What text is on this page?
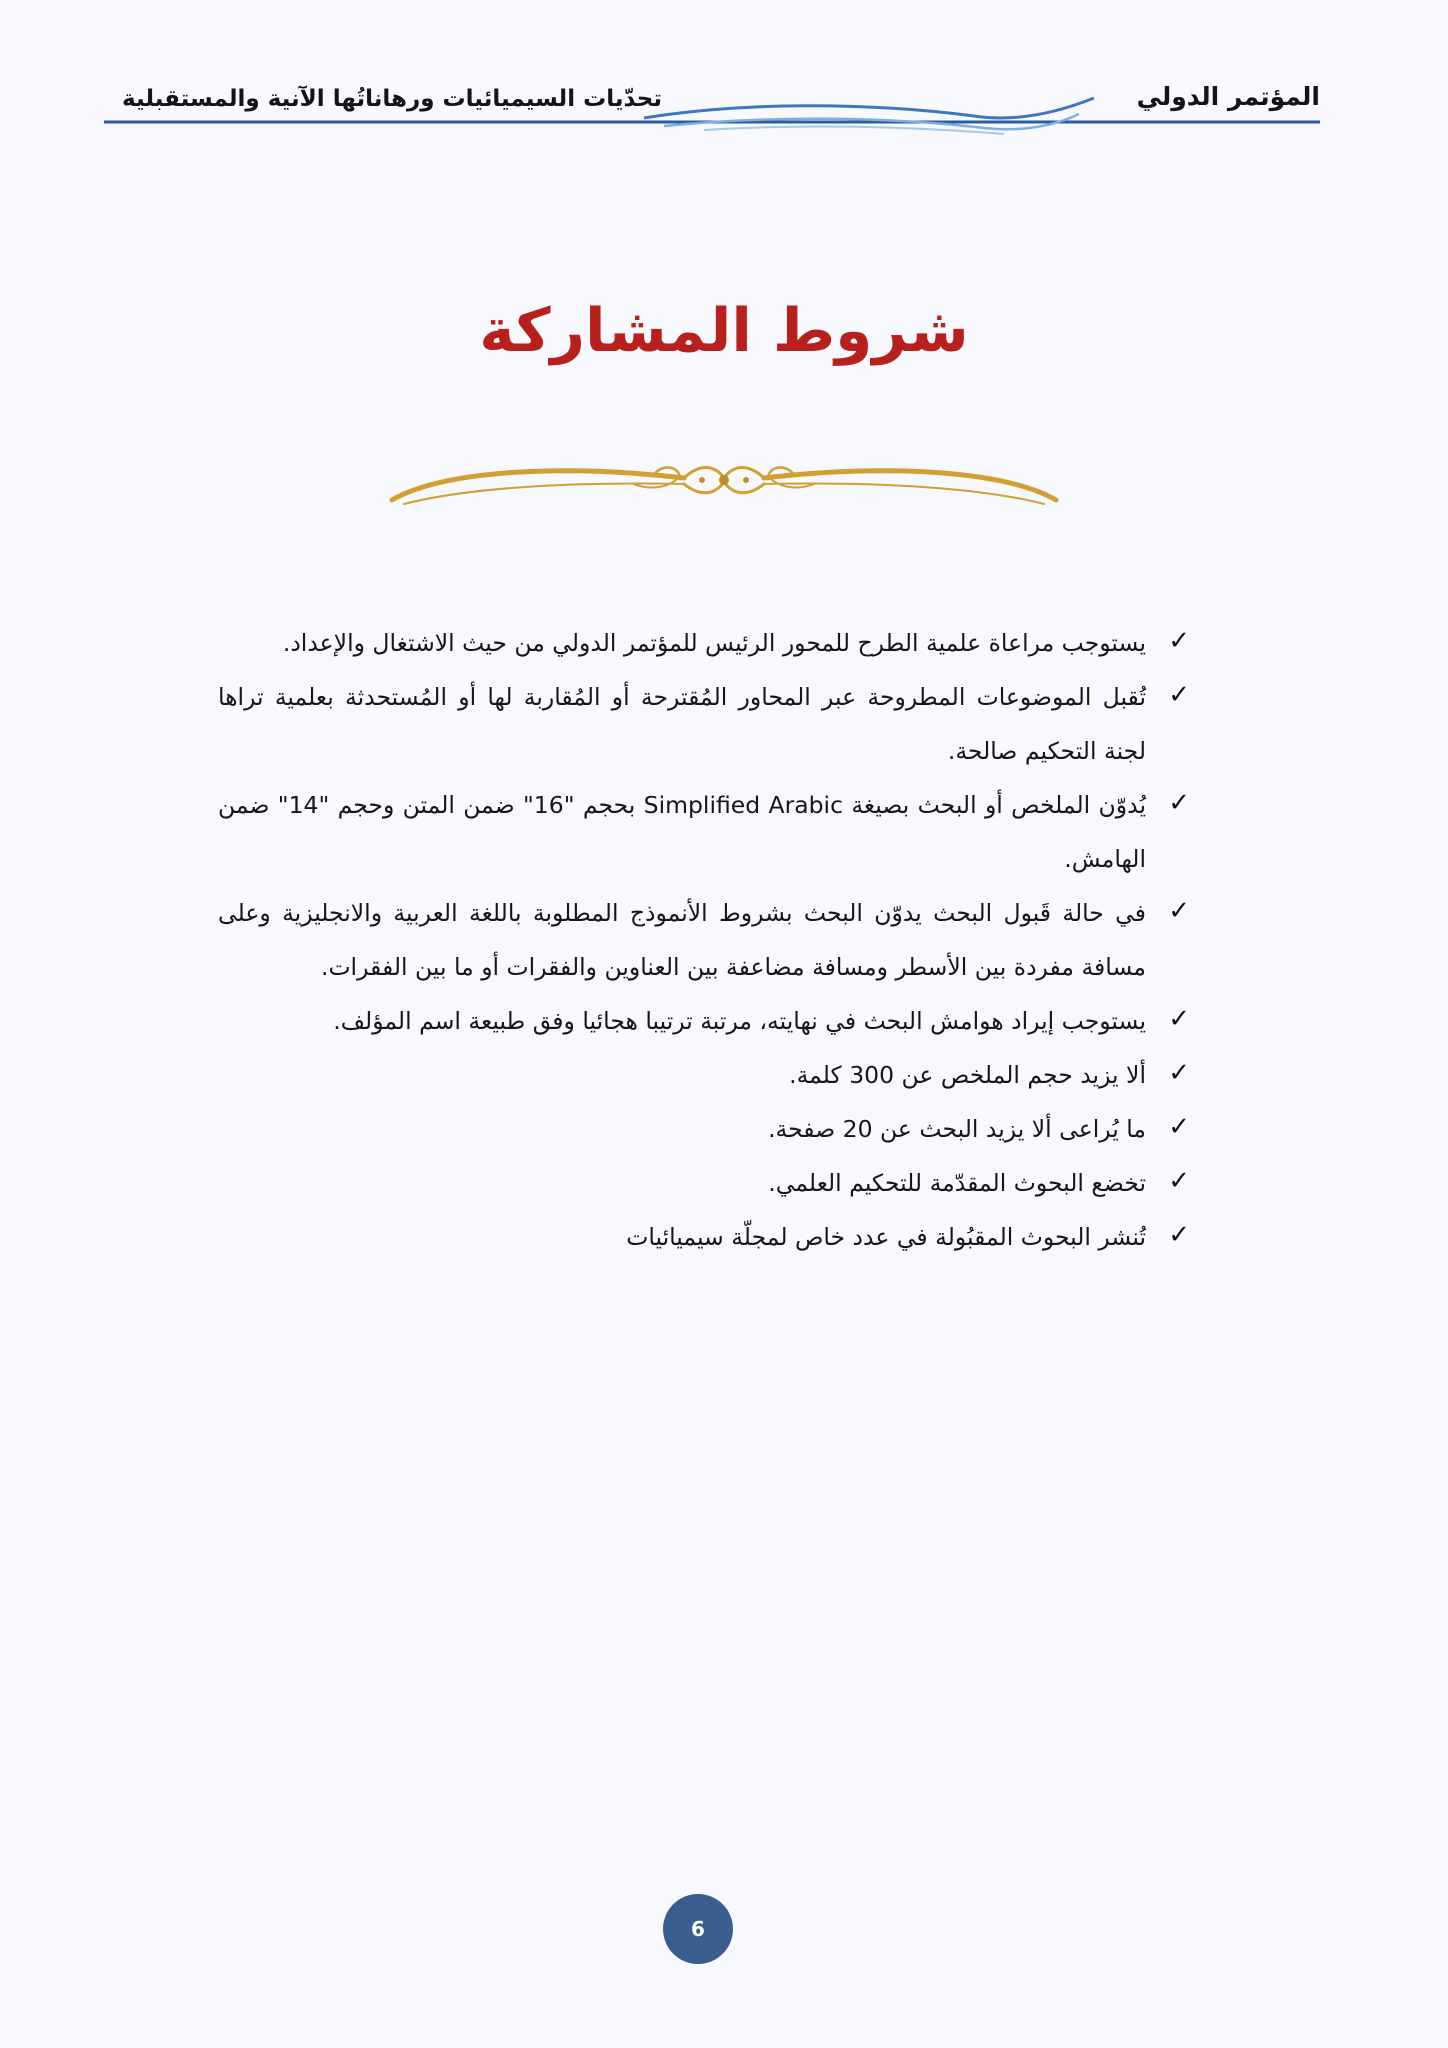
المؤتمر الدولي
تحدّيات السيميائيات ورهاناتُها الآنية والمستقبلية
شروط المشاركة
✓
يستوجب مراعاة علمية الطرح للمحور الرئيس للمؤتمر الدولي من حيث الاشتغال والإعداد.
✓
تُقبل الموضوعات المطروحة عبر المحاور المُقترحة أو المُقاربة لها أو المُستحدثة بعلمية تراها لجنة التحكيم صالحة.
✓
يُدوّن الملخص أو البحث بصيغة Simplified Arabic بحجم "16" ضمن المتن وحجم "14" ضمن الهامش.
✓
في حالة قَبول البحث يدوّن البحث بشروط الأنموذج المطلوبة باللغة العربية والانجليزية وعلى مسافة مفردة بين الأسطر ومسافة مضاعفة بين العناوين والفقرات أو ما بين الفقرات.
✓
يستوجب إيراد هوامش البحث في نهايته، مرتبة ترتيبا هجائيا وفق طبيعة اسم المؤلف.
✓
ألا يزيد حجم الملخص عن 300 كلمة.
✓
ما يُراعى ألا يزيد البحث عن 20 صفحة.
✓
تخضع البحوث المقدّمة للتحكيم العلمي.
✓
تُنشر البحوث المقبُولة في عدد خاص لمجلّة سيميائيات
6
